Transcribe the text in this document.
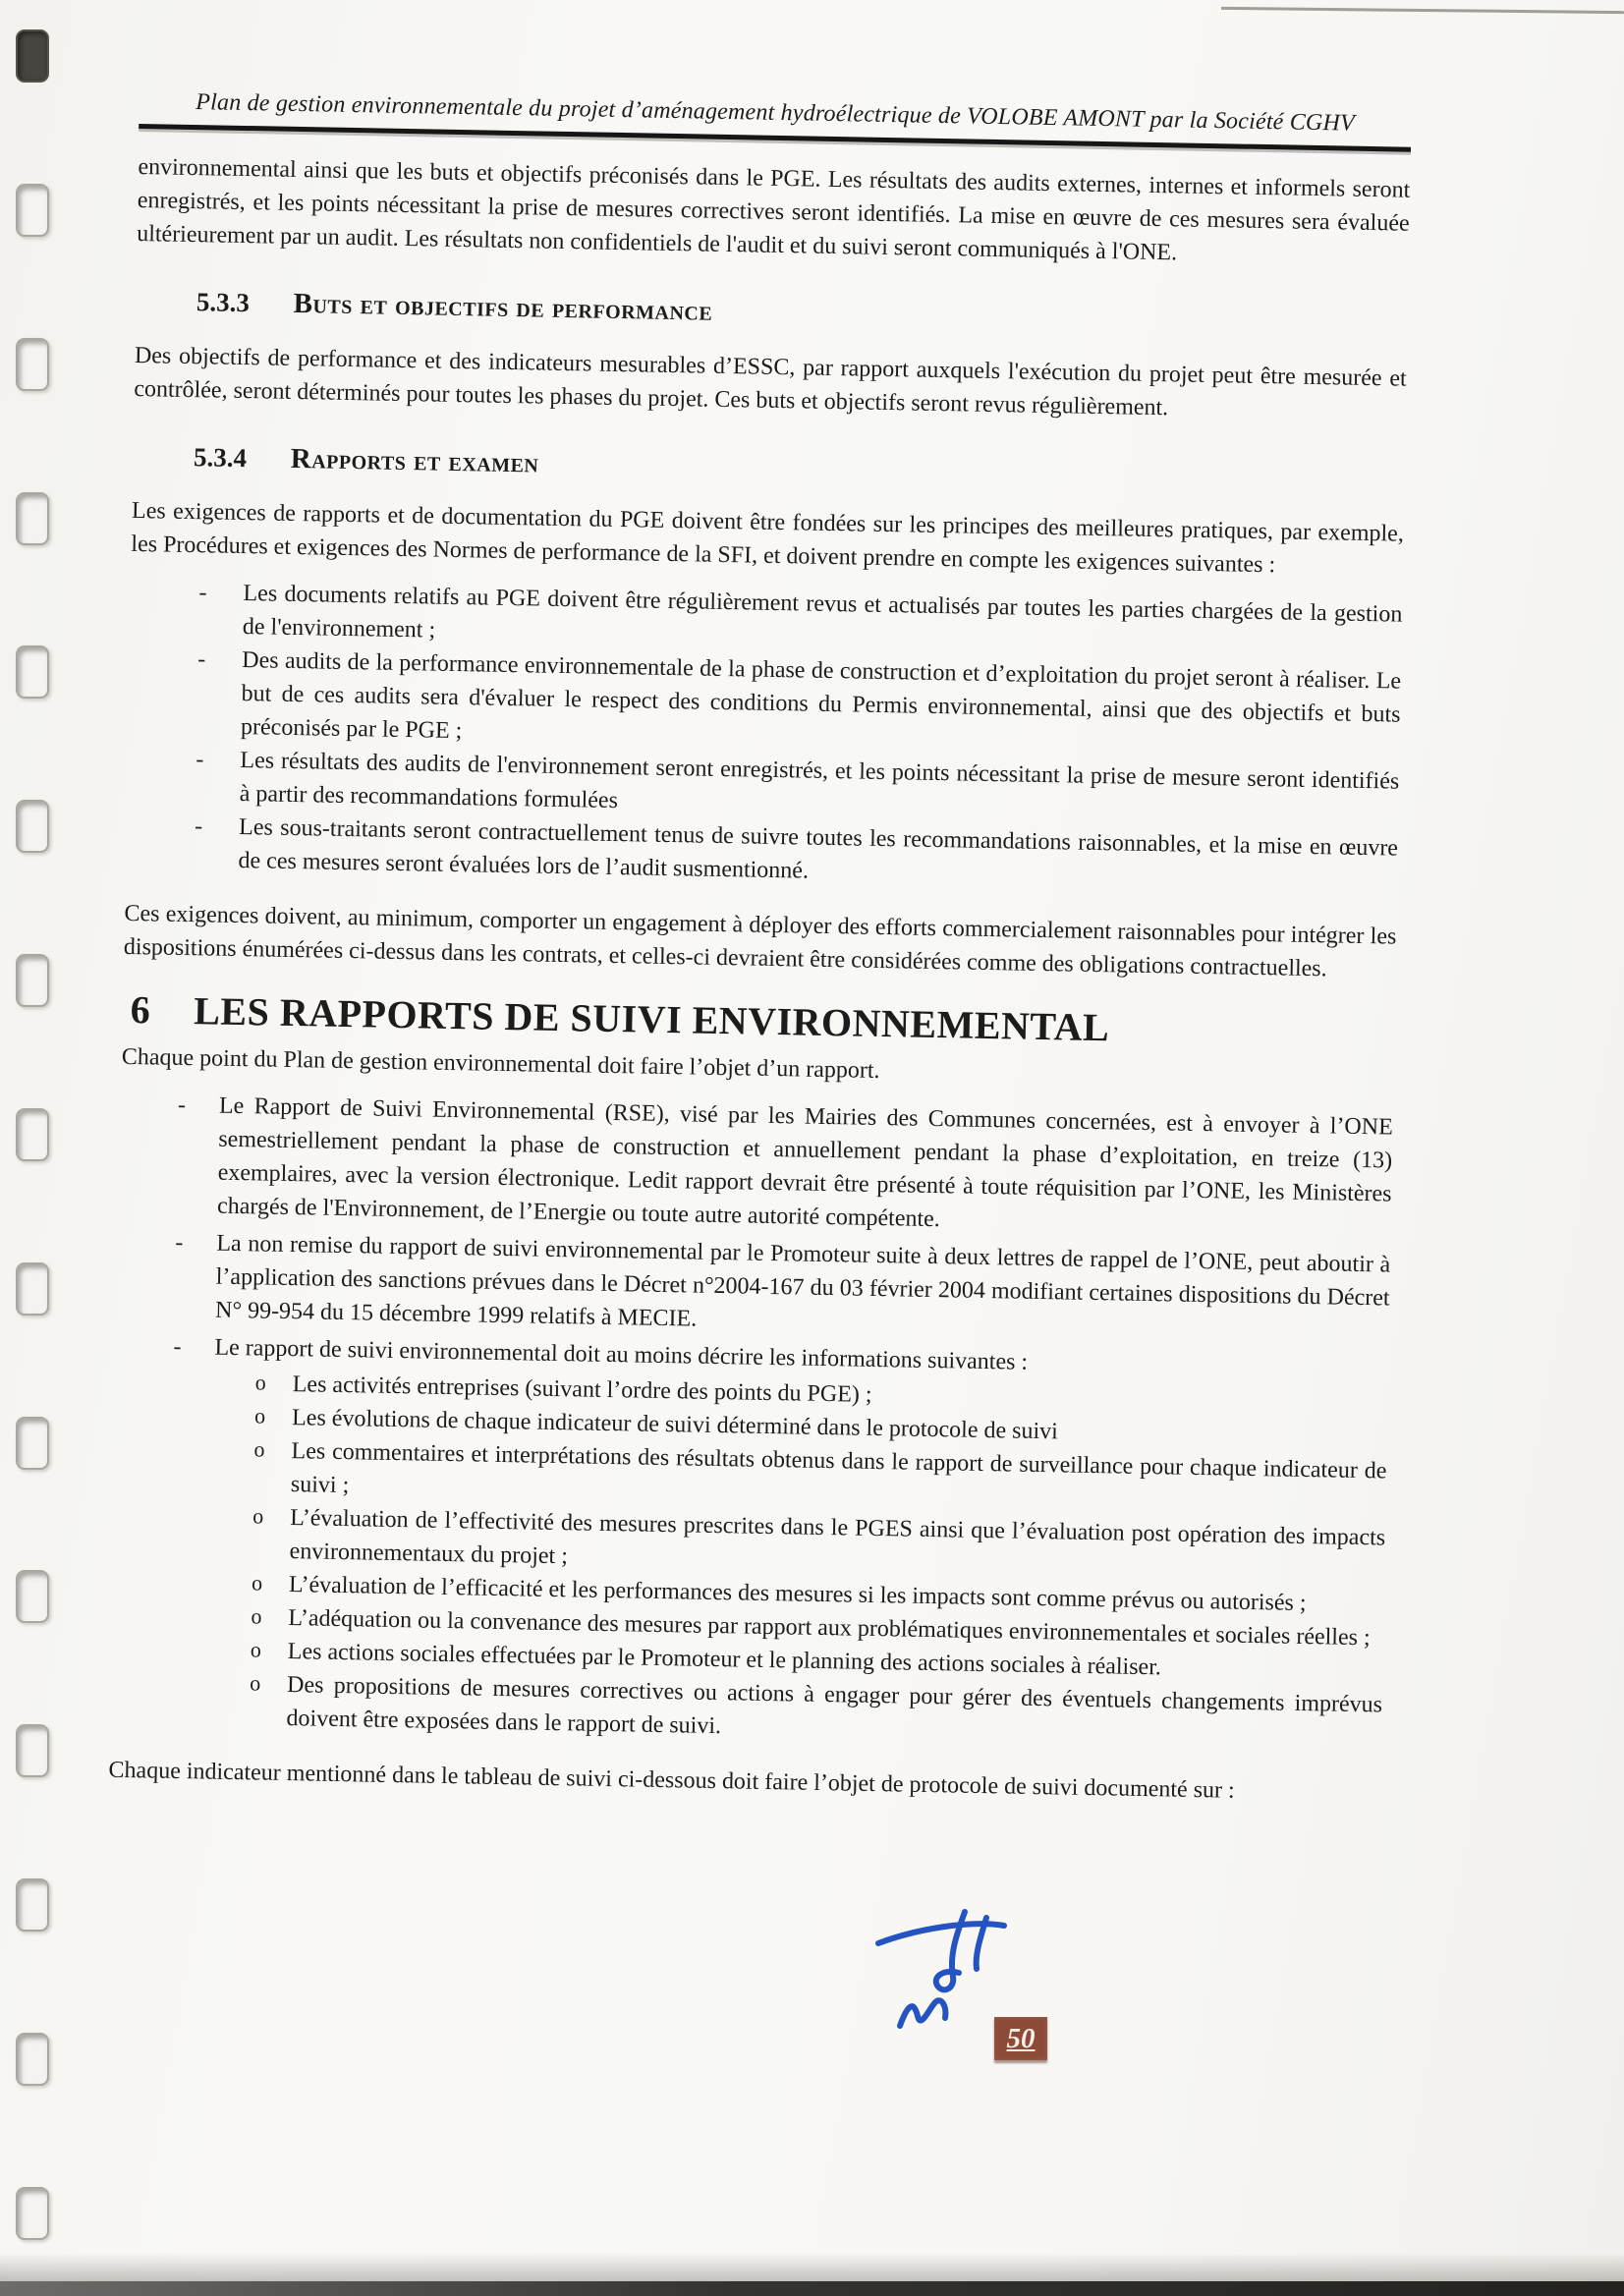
Plan de gestion environnementale du projet d’aménagement hydroélectrique de VOLOBE AMONT par la Société CGHV

environnemental ainsi que les buts et objectifs préconisés dans le PGE. Les résultats des audits externes, internes et informels seront enregistrés, et les points nécessitant la prise de mesures correctives seront identifiés. La mise en œuvre de ces mesures sera évaluée ultérieurement par un audit. Les résultats non confidentiels de l'audit et du suivi seront communiqués à l'ONE.

5.3.3 Buts et objectifs de performance

Des objectifs de performance et des indicateurs mesurables d’ESSC, par rapport auxquels l'exécution du projet peut être mesurée et contrôlée, seront déterminés pour toutes les phases du projet. Ces buts et objectifs seront revus régulièrement.

5.3.4 Rapports et examen

Les exigences de rapports et de documentation du PGE doivent être fondées sur les principes des meilleures pratiques, par exemple, les Procédures et exigences des Normes de performance de la SFI, et doivent prendre en compte les exigences suivantes :

- Les documents relatifs au PGE doivent être régulièrement revus et actualisés par toutes les parties chargées de la gestion de l'environnement ;
- Des audits de la performance environnementale de la phase de construction et d’exploitation du projet seront à réaliser. Le but de ces audits sera d'évaluer le respect des conditions du Permis environnemental, ainsi que des objectifs et buts préconisés par le PGE ;
- Les résultats des audits de l'environnement seront enregistrés, et les points nécessitant la prise de mesure seront identifiés à partir des recommandations formulées
- Les sous-traitants seront contractuellement tenus de suivre toutes les recommandations raisonnables, et la mise en œuvre de ces mesures seront évaluées lors de l’audit susmentionné.

Ces exigences doivent, au minimum, comporter un engagement à déployer des efforts commercialement raisonnables pour intégrer les dispositions énumérées ci-dessus dans les contrats, et celles-ci devraient être considérées comme des obligations contractuelles.

6 LES RAPPORTS DE SUIVI ENVIRONNEMENTAL

Chaque point du Plan de gestion environnemental doit faire l’objet d’un rapport.

- Le Rapport de Suivi Environnemental (RSE), visé par les Mairies des Communes concernées, est à envoyer à l’ONE semestriellement pendant la phase de construction et annuellement pendant la phase d’exploitation, en treize (13) exemplaires, avec la version électronique. Ledit rapport devrait être présenté à toute réquisition par l’ONE, les Ministères chargés de l'Environnement, de l’Energie ou toute autre autorité compétente.
- La non remise du rapport de suivi environnemental par le Promoteur suite à deux lettres de rappel de l’ONE, peut aboutir à l’application des sanctions prévues dans le Décret n°2004-167 du 03 février 2004 modifiant certaines dispositions du Décret N° 99-954 du 15 décembre 1999 relatifs à MECIE.
- Le rapport de suivi environnemental doit au moins décrire les informations suivantes :
o Les activités entreprises (suivant l’ordre des points du PGE) ;
o Les évolutions de chaque indicateur de suivi déterminé dans le protocole de suivi
o Les commentaires et interprétations des résultats obtenus dans le rapport de surveillance pour chaque indicateur de suivi ;
o L’évaluation de l’effectivité des mesures prescrites dans le PGES ainsi que l’évaluation post opération des impacts environnementaux du projet ;
o L’évaluation de l’efficacité et les performances des mesures si les impacts sont comme prévus ou autorisés ;
o L’adéquation ou la convenance des mesures par rapport aux problématiques environnementales et sociales réelles ;
o Les actions sociales effectuées par le Promoteur et le planning des actions sociales à réaliser.
o Des propositions de mesures correctives ou actions à engager pour gérer des éventuels changements imprévus doivent être exposées dans le rapport de suivi.

Chaque indicateur mentionné dans le tableau de suivi ci-dessous doit faire l’objet de protocole de suivi documenté sur :

50
